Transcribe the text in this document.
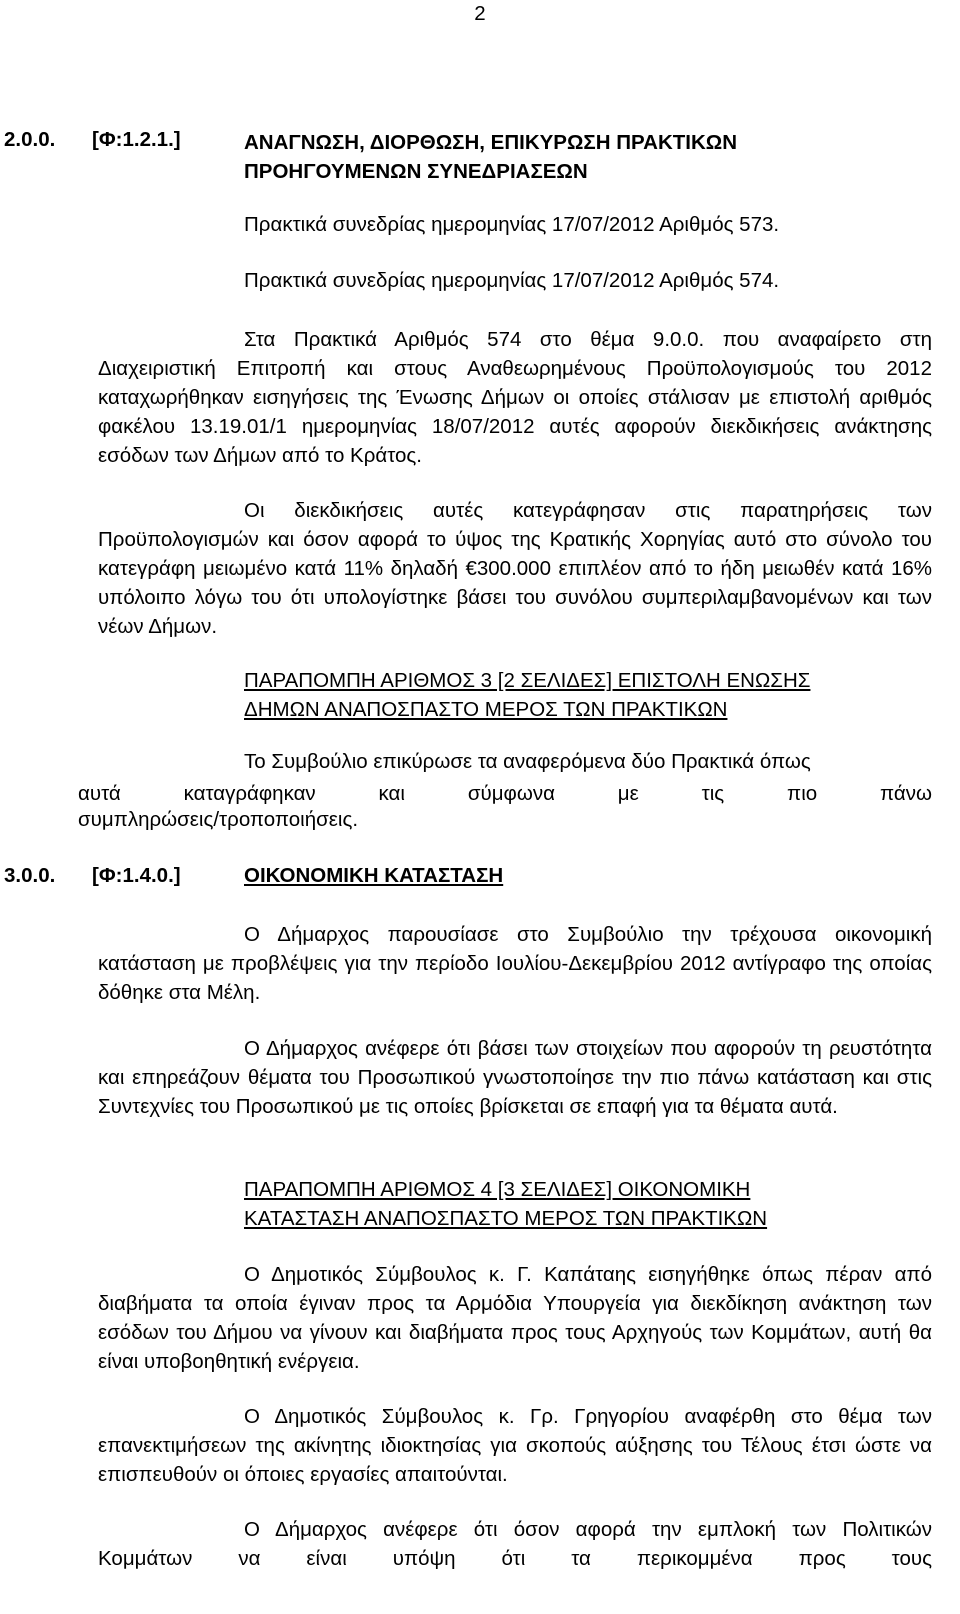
2
2.0.0. [Φ:1.2.1.]	ΑΝΑΓΝΩΣΗ, ΔΙΟΡΘΩΣΗ, ΕΠΙΚΥΡΩΣΗ ΠΡΑΚΤΙΚΩΝ
ΠΡΟΗΓΟΥΜΕΝΩΝ ΣΥΝΕΔΡΙΑΣΕΩΝ
Πρακτικά συνεδρίας ημερομηνίας 17/07/2012 Αριθμός 573.
Πρακτικά συνεδρίας ημερομηνίας 17/07/2012 Αριθμός 574.
Στα Πρακτικά Αριθμός 574 στο θέμα 9.0.0. που αναφαίρετο στη Διαχειριστική Επιτροπή και στους Αναθεωρημένους Προϋπολογισμούς του 2012 καταχωρήθηκαν εισηγήσεις της Ένωσης Δήμων οι οποίες στάλισαν με επιστολή αριθμός φακέλου 13.19.01/1 ημερομηνίας 18/07/2012 αυτές αφορούν διεκδικήσεις ανάκτησης εσόδων των Δήμων από το Κράτος.
Οι διεκδικήσεις αυτές κατεγράφησαν στις παρατηρήσεις των Προϋπολογισμών και όσον αφορά το ύψος της Κρατικής Χορηγίας αυτό στο σύνολο του κατεγράφη μειωμένο κατά 11% δηλαδή €300.000 επιπλέον από το ήδη μειωθέν κατά 16% υπόλοιπο λόγω του ότι υπολογίστηκε βάσει του συνόλου συμπεριλαμβανομένων και των νέων Δήμων.
ΠΑΡΑΠΟΜΠΗ ΑΡΙΘΜΟΣ 3 [2 ΣΕΛΙΔΕΣ] ΕΠΙΣΤΟΛΗ ΕΝΩΣΗΣ
ΔΗΜΩΝ ΑΝΑΠΟΣΠΑΣΤΟ ΜΕΡΟΣ ΤΩΝ ΠΡΑΚΤΙΚΩΝ
Το Συμβούλιο επικύρωσε τα αναφερόμενα δύο Πρακτικά όπως
αυτά καταγράφηκαν και σύμφωνα με τις πιο πάνω
συμπληρώσεις/τροποποιήσεις.
3.0.0. [Φ:1.4.0.]	ΟΙΚΟΝΟΜΙΚΗ ΚΑΤΑΣΤΑΣΗ
Ο Δήμαρχος παρουσίασε στο Συμβούλιο την τρέχουσα οικονομική κατάσταση με προβλέψεις για την περίοδο Ιουλίου-Δεκεμβρίου 2012 αντίγραφο της οποίας δόθηκε στα Μέλη.
Ο Δήμαρχος ανέφερε ότι βάσει των στοιχείων που αφορούν τη ρευστότητα και επηρεάζουν θέματα του Προσωπικού γνωστοποίησε την πιο πάνω κατάσταση και στις Συντεχνίες του Προσωπικού με τις οποίες βρίσκεται σε επαφή για τα θέματα αυτά.
ΠΑΡΑΠΟΜΠΗ ΑΡΙΘΜΟΣ 4 [3 ΣΕΛΙΔΕΣ] ΟΙΚΟΝΟΜΙΚΗ
ΚΑΤΑΣΤΑΣΗ ΑΝΑΠΟΣΠΑΣΤΟ ΜΕΡΟΣ ΤΩΝ ΠΡΑΚΤΙΚΩΝ
Ο Δημοτικός Σύμβουλος κ. Γ. Καπάταης εισηγήθηκε όπως πέραν από διαβήματα τα οποία έγιναν προς τα Αρμόδια Υπουργεία για διεκδίκηση ανάκτηση των εσόδων του Δήμου να γίνουν και διαβήματα προς τους Αρχηγούς των Κομμάτων, αυτή θα είναι υποβοηθητική ενέργεια.
Ο Δημοτικός Σύμβουλος κ. Γρ. Γρηγορίου αναφέρθη στο θέμα των επανεκτιμήσεων της ακίνητης ιδιοκτησίας για σκοπούς αύξησης του Τέλους έτσι ώστε να επισπευθούν οι όποιες εργασίες απαιτούνται.
Ο Δήμαρχος ανέφερε ότι όσον αφορά την εμπλοκή των Πολιτικών Κομμάτων να είναι υπόψη ότι τα περικομμένα προς τους
